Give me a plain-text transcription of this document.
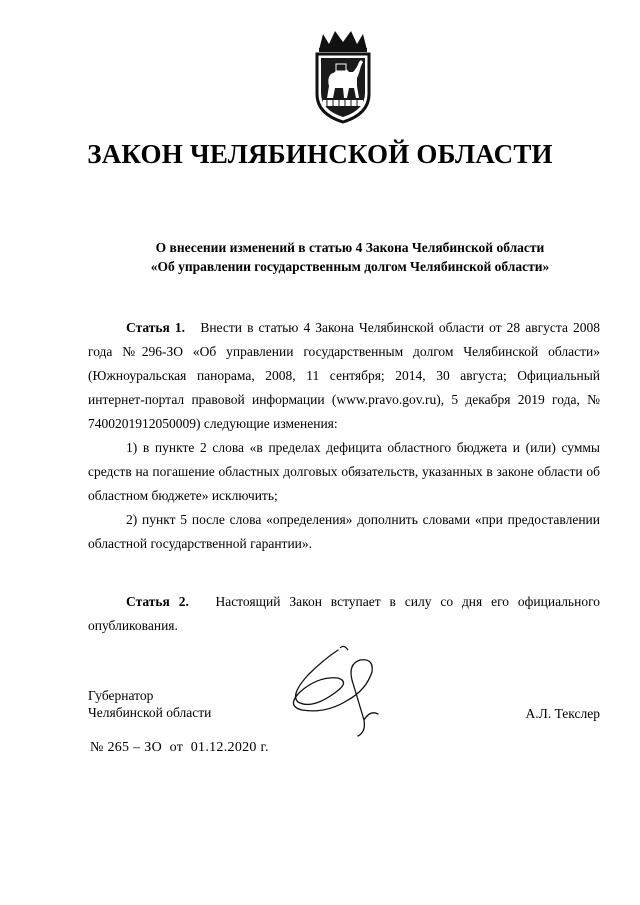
ЗАКОН ЧЕЛЯБИНСКОЙ ОБЛАСТИ
О внесении изменений в статью 4 Закона Челябинской области
«Об управлении государственным долгом Челябинской области»

Статья 1. Внести в статью 4 Закона Челябинской области от 28 августа 2008 года №296-ЗО «Об управлении государственным долгом Челябинской области» (Южноуральская панорама, 2008, 11 сентября; 2014, 30 августа; Официальный интернет-портал правовой информации (www.pravo.gov.ru), 5 декабря 2019 года, № 7400201912050009) следующие изменения:

1) в пункте 2 слова «в пределах дефицита областного бюджета и (или) суммы средств на погашение областных долговых обязательств, указанных в законе области об областном бюджете» исключить;

2) пункт 5 после слова «определения» дополнить словами «при предоставлении областной государственной гарантии».

Статья 2. Настоящий Закон вступает в силу со дня его официального опубликования.

Губернатор
Челябинской области	А.Л. Текслер
№ 265 – ЗО  от  01.12.2020 г.
